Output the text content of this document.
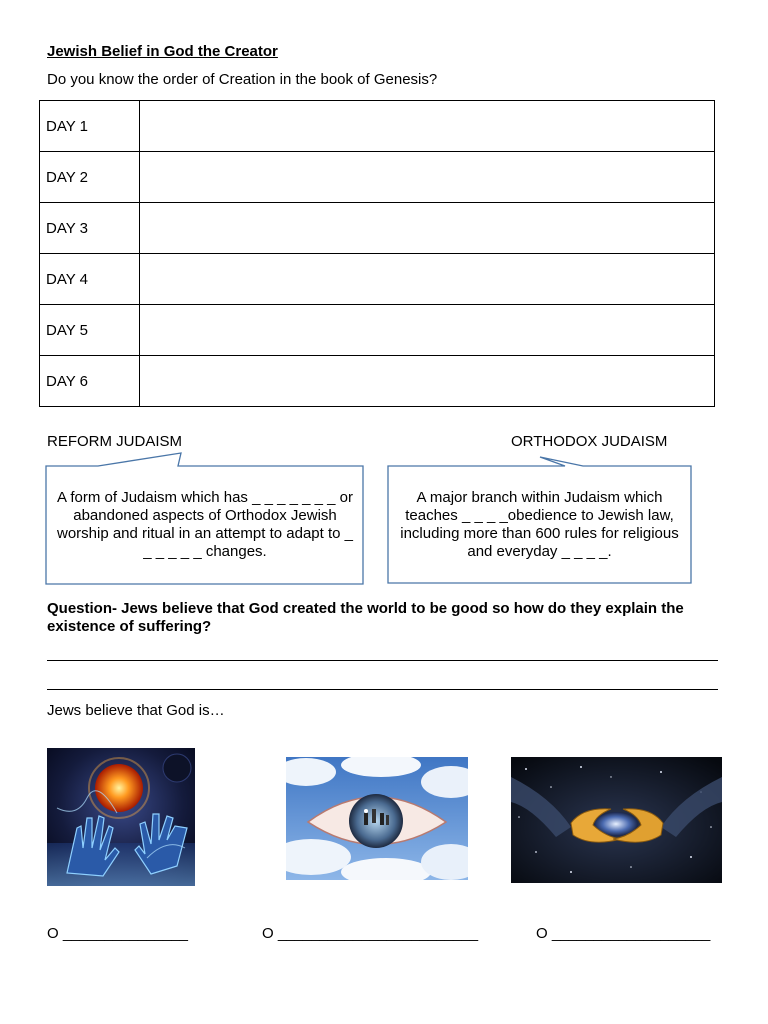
Jewish Belief in God the Creator
Do you know the order of Creation in the book of Genesis?
DAY 1	
DAY 2	
DAY 3	
DAY 4	
DAY 5	
DAY 6	
REFORM JUDAISM	ORTHODOX JUDAISM
A form of Judaism which has _ _ _ _ _ _ _ or abandoned aspects of Orthodox Jewish worship and ritual in an attempt to adapt to _ _ _ _ _ _ changes.
A major branch within Judaism which teaches _ _ _ _obedience to Jewish law, including more than 600 rules for religious and everyday _ _ _ _.
Question- Jews believe that God created the world to be good so how do they explain the existence of suffering?
Jews believe that God is…
O _______________	O ________________________	O ___________________
